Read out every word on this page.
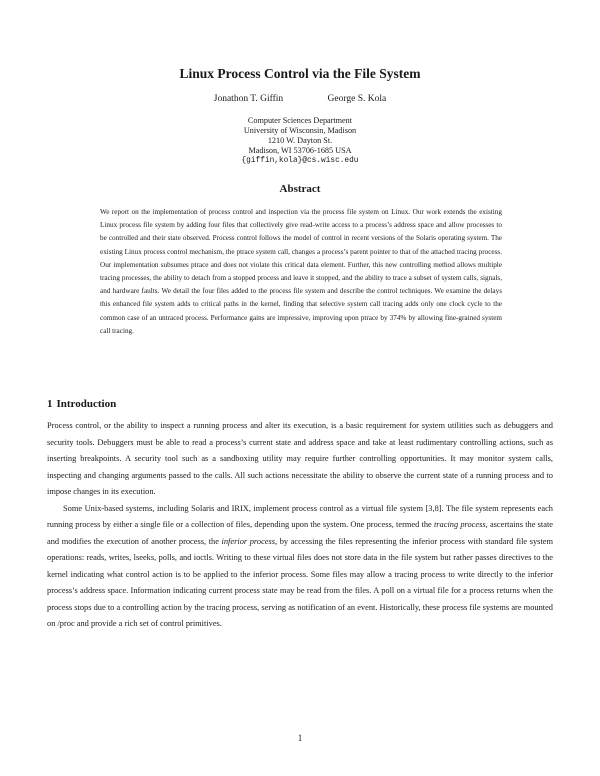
Linux Process Control via the File System
Jonathon T. Giffin	George S. Kola
Computer Sciences Department
University of Wisconsin, Madison
1210 W. Dayton St.
Madison, WI 53706-1685 USA
{giffin,kola}@cs.wisc.edu
Abstract

We report on the implementation of process control and inspection via the process file system on Linux. Our work extends the existing Linux process file system by adding four files that collectively give read-write access to a process’s address space and allow processes to be controlled and their state observed. Process control follows the model of control in recent versions of the Solaris operating system. The existing Linux process control mechanism, the ptrace system call, changes a process’s parent pointer to that of the attached tracing process. Our implementation subsumes ptrace and does not violate this critical data element. Further, this new controlling method allows multiple tracing processes, the ability to detach from a stopped process and leave it stopped, and the ability to trace a subset of system calls, signals, and hardware faults. We detail the four files added to the process file system and describe the control techniques. We examine the delays this enhanced file system adds to critical paths in the kernel, finding that selective system call tracing adds only one clock cycle to the common case of an untraced process. Performance gains are impressive, improving upon ptrace by 374% by allowing fine-grained system call tracing.

1 Introduction

Process control, or the ability to inspect a running process and alter its execution, is a basic requirement for system utilities such as debuggers and security tools. Debuggers must be able to read a process’s current state and address space and take at least rudimentary controlling actions, such as inserting breakpoints. A security tool such as a sandboxing utility may require further controlling opportunities. It may monitor system calls, inspecting and changing arguments passed to the calls. All such actions necessitate the ability to observe the current state of a running process and to impose changes in its execution.

Some Unix-based systems, including Solaris and IRIX, implement process control as a virtual file system [3,8]. The file system represents each running process by either a single file or a collection of files, depending upon the system. One process, termed the tracing process, ascertains the state and modifies the execution of another process, the inferior process, by accessing the files representing the inferior process with standard file system operations: reads, writes, lseeks, polls, and ioctls. Writing to these virtual files does not store data in the file system but rather passes directives to the kernel indicating what control action is to be applied to the inferior process. Some files may allow a tracing process to write directly to the inferior process’s address space. Information indicating current process state may be read from the files. A poll on a virtual file for a process returns when the process stops due to a controlling action by the tracing process, serving as notification of an event. Historically, these process file systems are mounted on /proc and provide a rich set of control primitives.

1
